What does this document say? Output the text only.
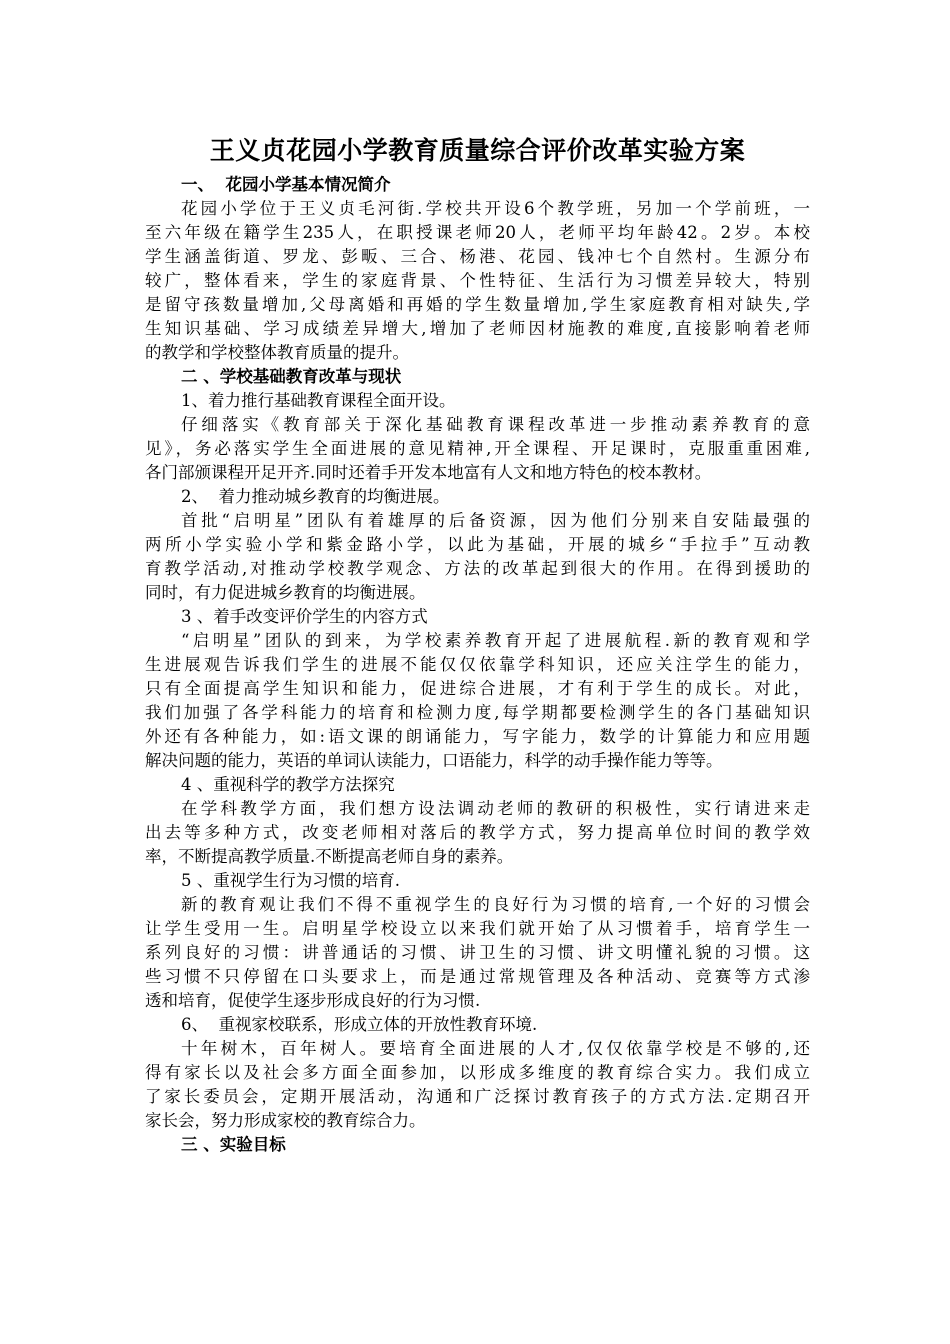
王义贞花园小学教育质量综合评价改革实验方案

一、  花园小学基本情况简介

花园小学位于王义贞毛河街.学校共开设6个教学班，另加一个学前班，一
至六年级在籍学生235人，在职授课老师20人，老师平均年龄42。2岁。本校
学生涵盖街道、罗龙、彭畈、三合、杨港、花园、钱冲七个自然村。生源分布
较广，整体看来，学生的家庭背景、个性特征、生活行为习惯差异较大，特别
是留守孩数量增加,父母离婚和再婚的学生数量增加,学生家庭教育相对缺失,学
生知识基础、学习成绩差异增大,增加了老师因材施教的难度,直接影响着老师
的教学和学校整体教育质量的提升。

二 、学校基础教育改革与现状

1、着力推行基础教育课程全面开设。

仔细落实《教育部关于深化基础教育课程改革进一步推动素养教育的意
见》，务必落实学生全面进展的意见精神,开全课程、开足课时，克服重重困难,
各门部颁课程开足开齐.同时还着手开发本地富有人文和地方特色的校本教材。

2、  着力推动城乡教育的均衡进展。

首批“启明星”团队有着雄厚的后备资源，因为他们分别来自安陆最强的
两所小学实验小学和紫金路小学，以此为基础，开展的城乡“手拉手”互动教
育教学活动,对推动学校教学观念、方法的改革起到很大的作用。在得到援助的
同时，有力促进城乡教育的均衡进展。

3 、着手改变评价学生的内容方式

“启明星”团队的到来，为学校素养教育开起了进展航程.新的教育观和学
生进展观告诉我们学生的进展不能仅仅依靠学科知识，还应关注学生的能力，
只有全面提高学生知识和能力，促进综合进展，才有利于学生的成长。对此，
我们加强了各学科能力的培育和检测力度,每学期都要检测学生的各门基础知识
外还有各种能力，如:语文课的朗诵能力，写字能力，数学的计算能力和应用题
解决问题的能力，英语的单词认读能力，口语能力，科学的动手操作能力等等。

4 、重视科学的教学方法探究

在学科教学方面，我们想方设法调动老师的教研的积极性，实行请进来走
出去等多种方式，改变老师相对落后的教学方式，努力提高单位时间的教学效
率，不断提高教学质量.不断提高老师自身的素养。

5 、重视学生行为习惯的培育.

新的教育观让我们不得不重视学生的良好行为习惯的培育,一个好的习惯会
让学生受用一生。启明星学校设立以来我们就开始了从习惯着手，培育学生一
系列良好的习惯：讲普通话的习惯、讲卫生的习惯、讲文明懂礼貌的习惯。这
些习惯不只停留在口头要求上，而是通过常规管理及各种活动、竞赛等方式渗
透和培育，促使学生逐步形成良好的行为习惯.

6、  重视家校联系，形成立体的开放性教育环境.

十年树木，百年树人。要培育全面进展的人才,仅仅依靠学校是不够的,还
得有家长以及社会多方面全面参加，以形成多维度的教育综合实力。我们成立
了家长委员会，定期开展活动，沟通和广泛探讨教育孩子的方式方法.定期召开
家长会，努力形成家校的教育综合力。

三 、实验目标
